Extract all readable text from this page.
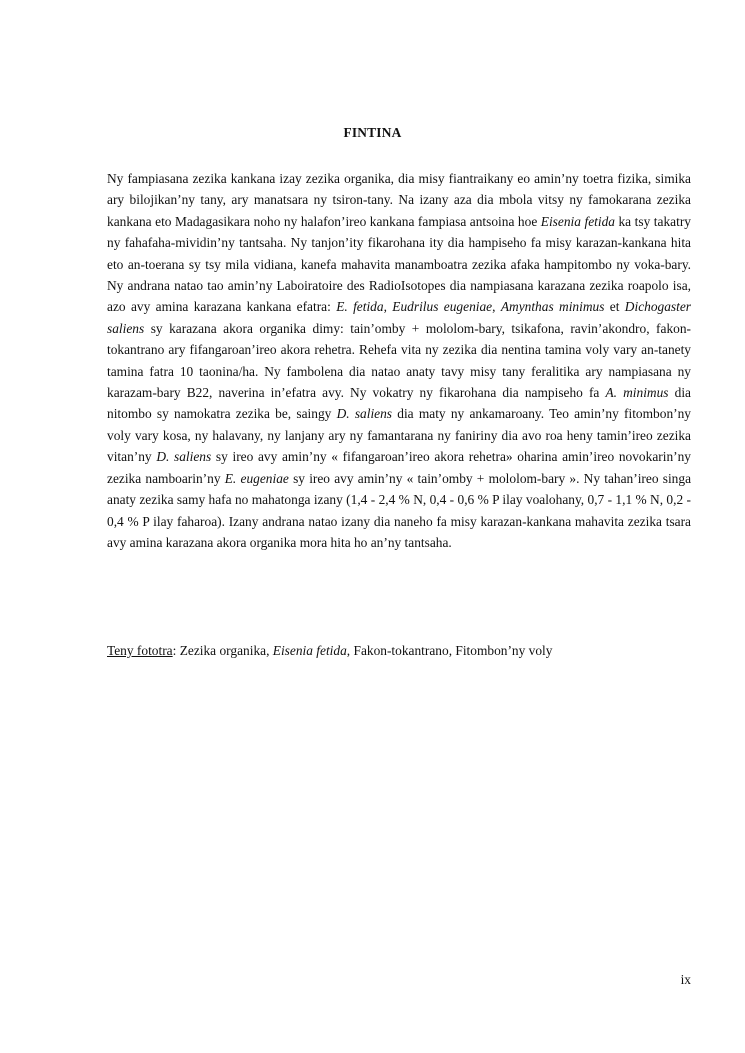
FINTINA

Ny fampiasana zezika kankana izay zezika organika, dia misy fiantraikany eo amin’ny toetra fizika, simika ary bilojikan’ny tany, ary manatsara ny tsiron-tany. Na izany aza dia mbola vitsy ny famokarana zezika kankana eto Madagasikara noho ny halafon’ireo kankana fampiasa antsoina hoe Eisenia fetida ka tsy takatry ny fahafaha-mividin’ny tantsaha. Ny tanjon’ity fikarohana ity dia hampiseho fa misy karazan-kankana hita eto an-toerana sy tsy mila vidiana, kanefa mahavita manamboatra zezika afaka hampitombo ny voka-bary. Ny andrana natao tao amin’ny Laboiratoire des RadioIsotopes dia nampiasana karazana zezika roapolo isa, azo avy amina karazana kankana efatra: E. fetida, Eudrilus eugeniae, Amynthas minimus et Dichogaster saliens sy karazana akora organika dimy: tain’omby + mololom-bary, tsikafona, ravin’akondro, fakon-tokantrano ary fifangaroan’ireo akora rehetra. Rehefa vita ny zezika dia nentina tamina voly vary an-tanety tamina fatra 10 taonina/ha. Ny fambolena dia natao anaty tavy misy tany feralitika ary nampiasana ny karazam-bary B22, naverina in’efatra avy. Ny vokatry ny fikarohana dia nampiseho fa A. minimus dia nitombo sy namokatra zezika be, saingy D. saliens dia maty ny ankamaroany. Teo amin’ny fitombon’ny voly vary kosa, ny halavany, ny lanjany ary ny famantarana ny faniriny dia avo roa heny tamin’ireo zezika vitan’ny D. saliens sy ireo avy amin’ny « fifangaroan’ireo akora rehetra» oharina amin’ireo novokarin’ny zezika namboarin’ny E. eugeniae sy ireo avy amin’ny « tain’omby + mololom-bary ». Ny tahan’ireo singa anaty zezika samy hafa no mahatonga izany (1,4 - 2,4 % N, 0,4 - 0,6 % P ilay voalohany, 0,7 - 1,1 % N, 0,2 - 0,4 % P ilay faharoa). Izany andrana natao izany dia naneho fa misy karazan-kankana mahavita zezika tsara avy amina karazana akora organika mora hita ho an’ny tantsaha.

Teny fototra: Zezika organika, Eisenia fetida, Fakon-tokantrano, Fitombon’ny voly

ix
